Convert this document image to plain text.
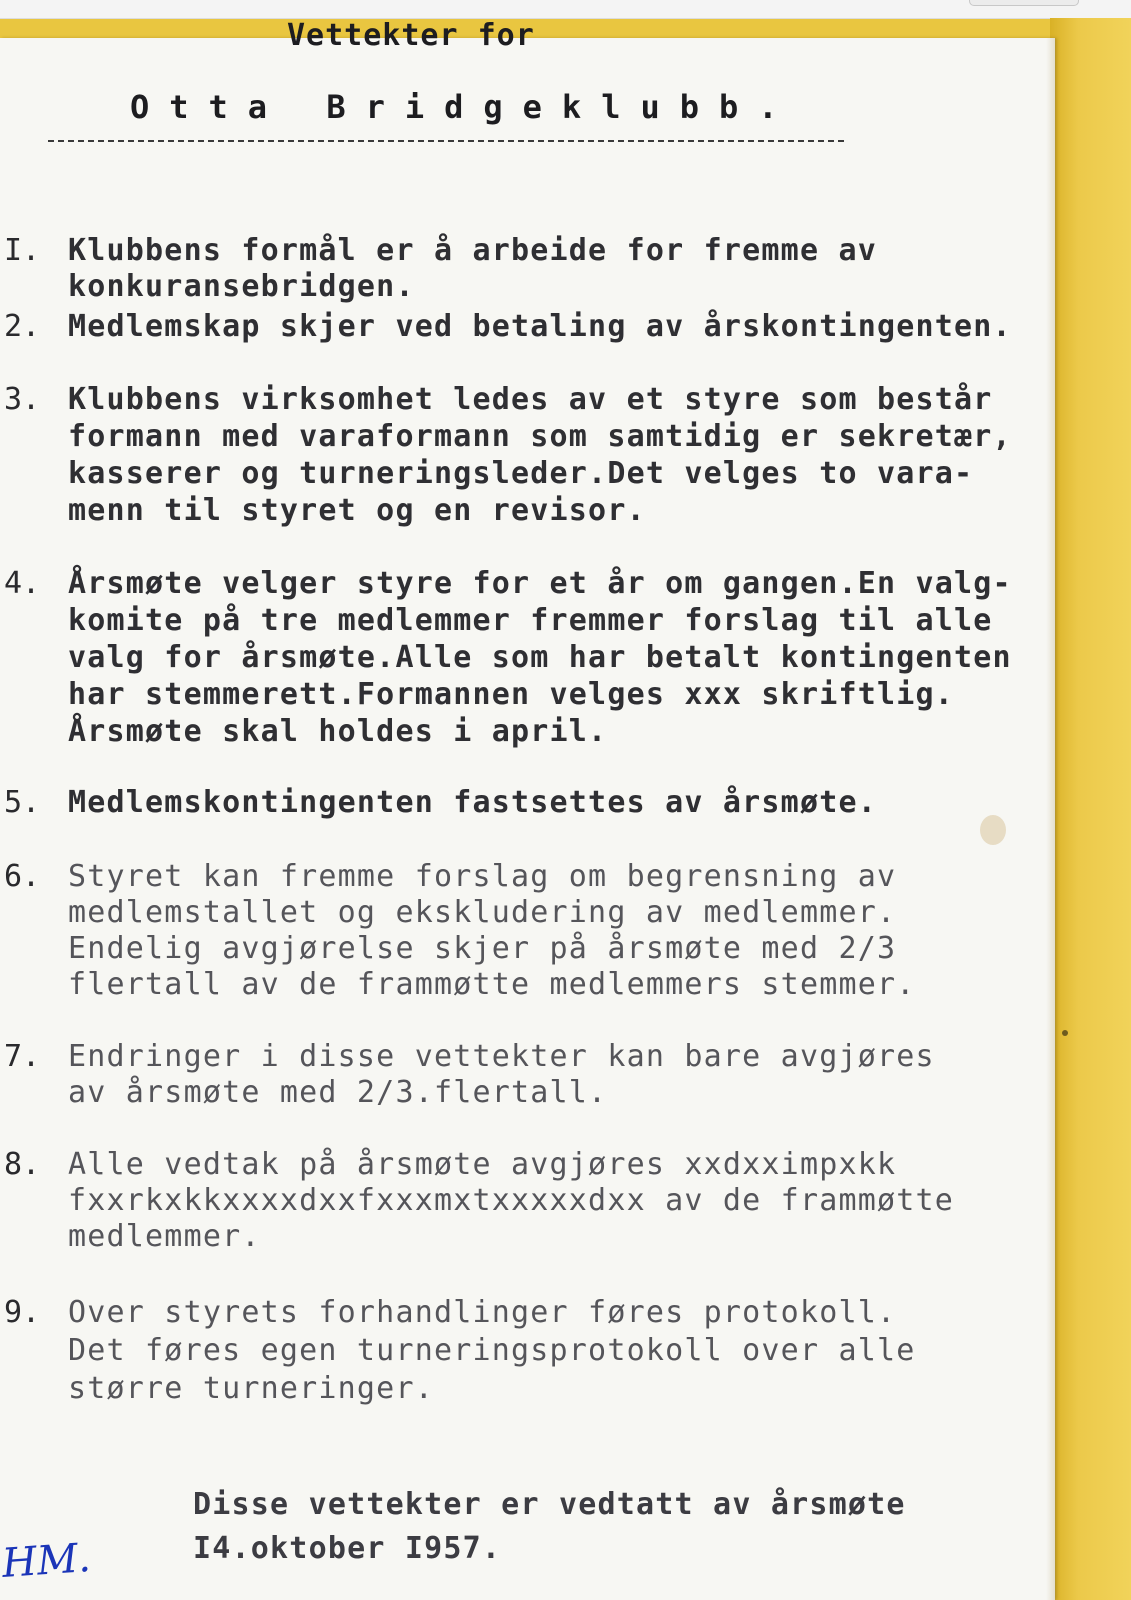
Vettekter for
Otta Bridgeklubb.
I. Klubbens formål er å arbeide for fremme av
konkuransebridgen.
2. Medlemskap skjer ved betaling av årskontingenten.
3. Klubbens virksomhet ledes av et styre som består
formann med varaformann som samtidig er sekretær,
kasserer og turneringsleder.Det velges to vara-
menn til styret og en revisor.
4. Årsmøte velger styre for et år om gangen.En valg-
komite på tre medlemmer fremmer forslag til alle
valg for årsmøte.Alle som har betalt kontingenten
har stemmerett.Formannen velges xxx skriftlig.
Årsmøte skal holdes i april.
5. Medlemskontingenten fastsettes av årsmøte.
6. Styret kan fremme forslag om begrensning av
medlemstallet og ekskludering av medlemmer.
Endelig avgjørelse skjer på årsmøte med 2/3
flertall av de frammøtte medlemmers stemmer.
7. Endringer i disse vettekter kan bare avgjøres
av årsmøte med 2/3.flertall.
8. Alle vedtak på årsmøte avgjøres xxdxximpxkk
fxxrkxkkxxxxdxxfxxxmxtxxxxxdxx av de frammøtte
medlemmer.
9. Over styrets forhandlinger føres protokoll.
Det føres egen turneringsprotokoll over alle
større turneringer.
Disse vettekter er vedtatt av årsmøte
I4.oktober I957.
HM.
